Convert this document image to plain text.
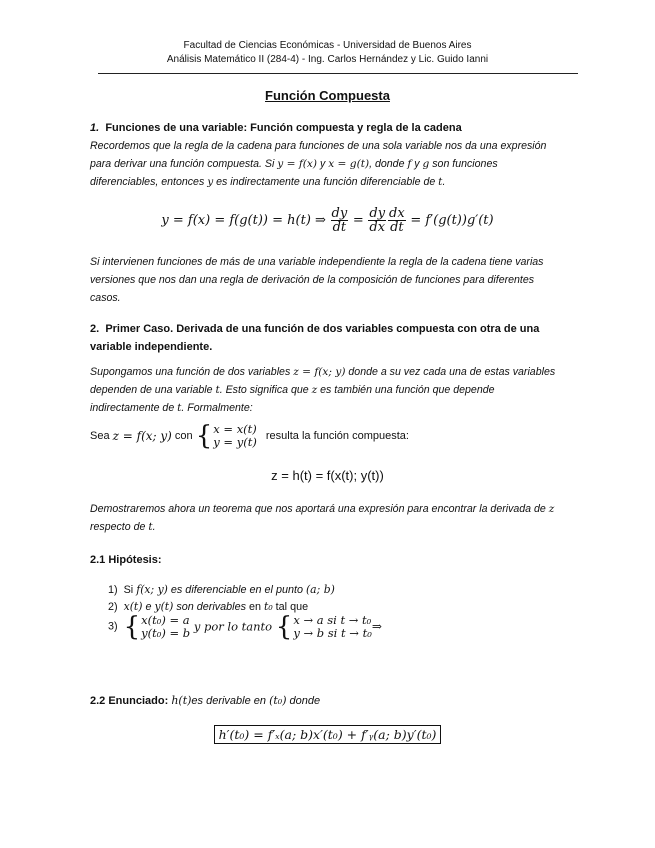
Facultad de Ciencias Económicas - Universidad de Buenos Aires
Análisis Matemático II (284-4) - Ing. Carlos Hernández y Lic. Guido Ianni
Función Compuesta
1. Funciones de una variable: Función compuesta y regla de la cadena
Recordemos que la regla de la cadena para funciones de una sola variable nos da una expresión para derivar una función compuesta. Si y = f(x) y x = g(t), donde f y g son funciones diferenciables, entonces y es indirectamente una función diferenciable de t.
y = f(x) = f(g(t)) = h(t) ⇒ $\frac{dy}{dt} = \frac{dy}{dx} \frac{dx}{dt} = f'(g(t))g'(t)$
Si intervienen funciones de más de una variable independiente la regla de la cadena tiene varias versiones que nos dan una regla de derivación de la composición de funciones para diferentes casos.
2. Primer Caso. Derivada de una función de dos variables compuesta con otra de una variable independiente.
Supongamos una función de dos variables z = f(x; y) donde a su vez cada una de estas variables dependen de una variable t. Esto significa que z es también una función que depende indirectamente de t. Formalmente:
Sea z = f(x; y) con { x = x(t)
y = y(t) resulta la función compuesta:
z = h(t) = f(x(t); y(t))
Demostraremos ahora un teorema que nos aportará una expresión para encontrar la derivada de z respecto de t.
2.1 Hipótesis:
1) Si f(x; y) es diferenciable en el punto (a; b)
2) x(t) e y(t) son derivables en t₀ tal que
3) { x(t₀) = a
y(t₀) = b y por lo tanto { x → a si t → t₀
y → b si t → t₀ ⇒
2.2 Enunciado: h(t)es derivable en (t₀) donde
h′(t₀) = f′ₓ(a; b)x′(t₀) + f′ᵧ(a; b)y′(t₀)
